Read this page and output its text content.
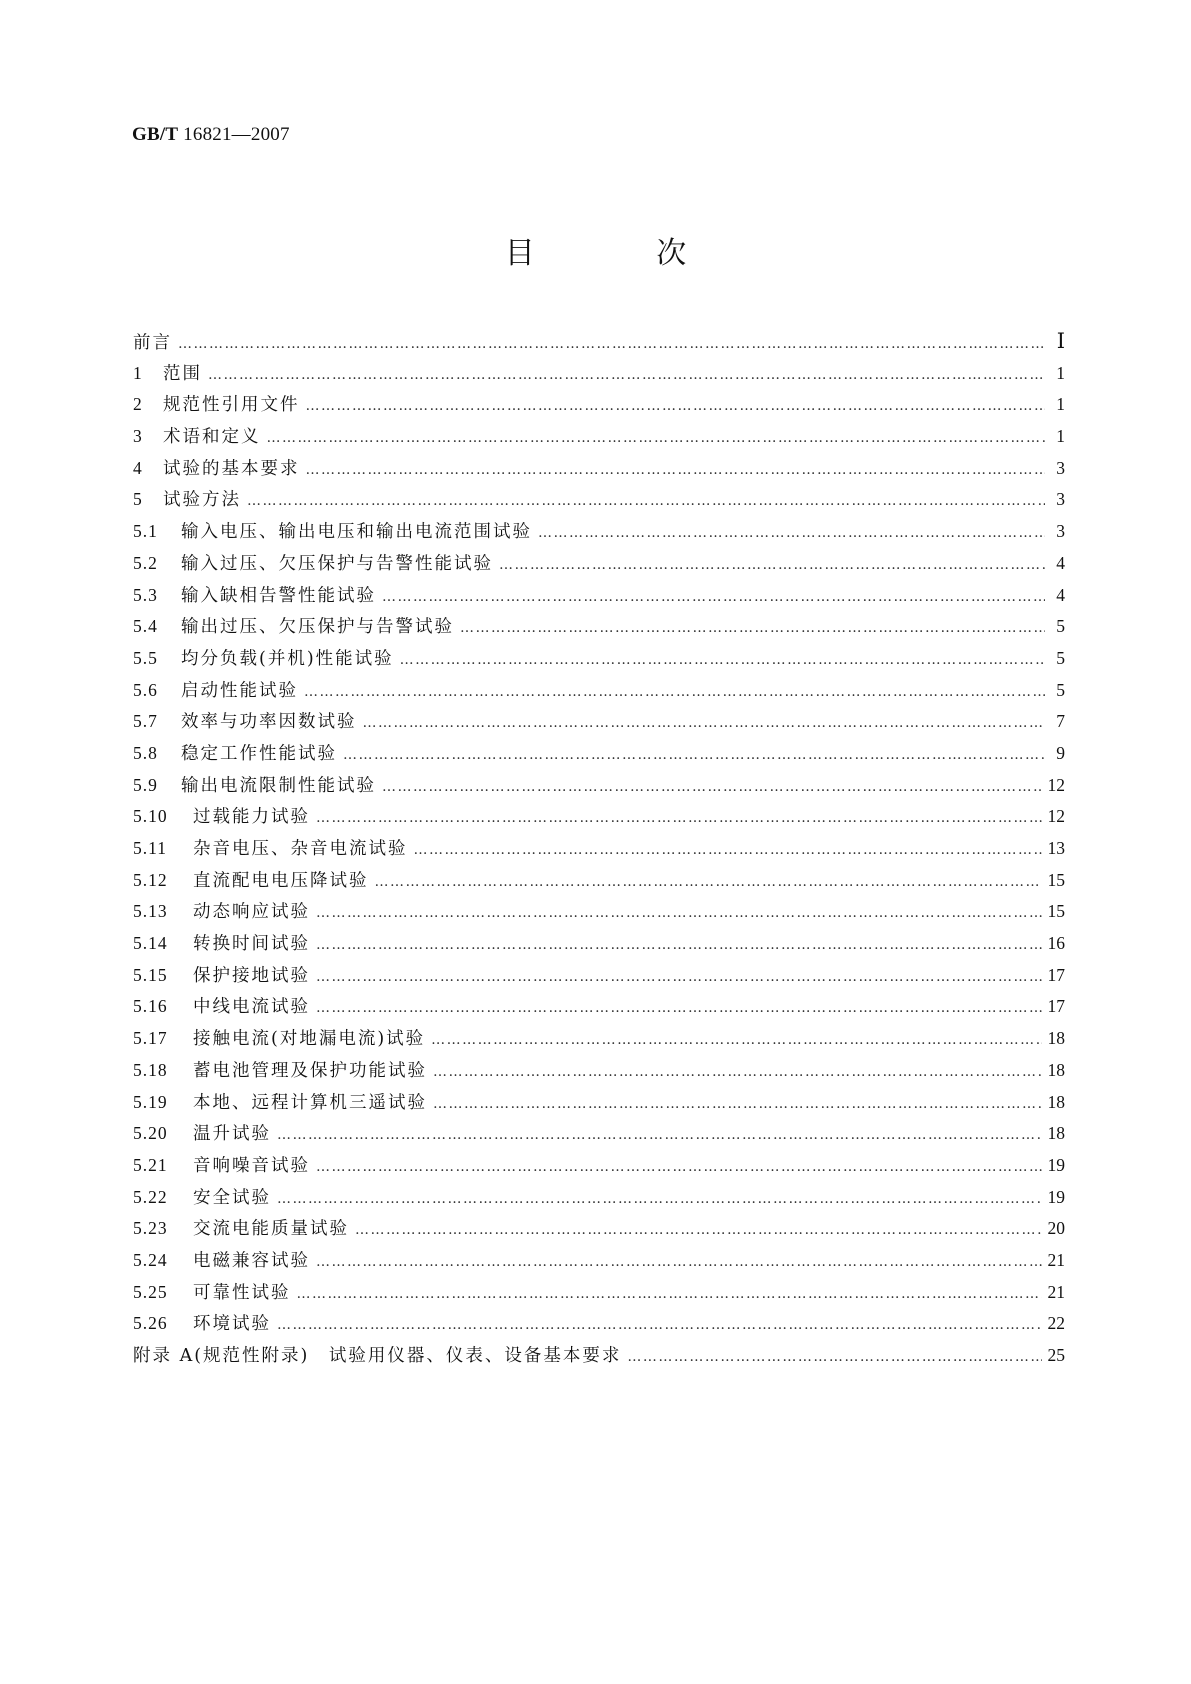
GB/T 16821—2007
目 次
前言 ……………………………………………………………………………………………………………………………………………………………………………………………………………………	Ⅰ
1	范围 ……………………………………………………………………………………………………………………………………………………………………………………………………………………	1
2	规范性引用文件 ……………………………………………………………………………………………………………………………………………………………………………………………………………………	1
3	术语和定义 ……………………………………………………………………………………………………………………………………………………………………………………………………………………	1
4	试验的基本要求 ……………………………………………………………………………………………………………………………………………………………………………………………………………………	3
5	试验方法 ……………………………………………………………………………………………………………………………………………………………………………………………………………………	3
5.1	输入电压、输出电压和输出电流范围试验 ……………………………………………………………………………………………………………………………………………………………………………………………………………………	3
5.2	输入过压、欠压保护与告警性能试验 ……………………………………………………………………………………………………………………………………………………………………………………………………………………	4
5.3	输入缺相告警性能试验 ……………………………………………………………………………………………………………………………………………………………………………………………………………………	4
5.4	输出过压、欠压保护与告警试验 ……………………………………………………………………………………………………………………………………………………………………………………………………………………	5
5.5	均分负载(并机)性能试验 ……………………………………………………………………………………………………………………………………………………………………………………………………………………	5
5.6	启动性能试验 ……………………………………………………………………………………………………………………………………………………………………………………………………………………	5
5.7	效率与功率因数试验 ……………………………………………………………………………………………………………………………………………………………………………………………………………………	7
5.8	稳定工作性能试验 ……………………………………………………………………………………………………………………………………………………………………………………………………………………	9
5.9	输出电流限制性能试验 ……………………………………………………………………………………………………………………………………………………………………………………………………………………	12
5.10	过载能力试验 ……………………………………………………………………………………………………………………………………………………………………………………………………………………	12
5.11	杂音电压、杂音电流试验 ……………………………………………………………………………………………………………………………………………………………………………………………………………………	13
5.12	直流配电电压降试验 ……………………………………………………………………………………………………………………………………………………………………………………………………………………	15
5.13	动态响应试验 ……………………………………………………………………………………………………………………………………………………………………………………………………………………	15
5.14	转换时间试验 ……………………………………………………………………………………………………………………………………………………………………………………………………………………	16
5.15	保护接地试验 ……………………………………………………………………………………………………………………………………………………………………………………………………………………	17
5.16	中线电流试验 ……………………………………………………………………………………………………………………………………………………………………………………………………………………	17
5.17	接触电流(对地漏电流)试验 ……………………………………………………………………………………………………………………………………………………………………………………………………………………	18
5.18	蓄电池管理及保护功能试验 ……………………………………………………………………………………………………………………………………………………………………………………………………………………	18
5.19	本地、远程计算机三遥试验 ……………………………………………………………………………………………………………………………………………………………………………………………………………………	18
5.20	温升试验 ……………………………………………………………………………………………………………………………………………………………………………………………………………………	18
5.21	音响噪音试验 ……………………………………………………………………………………………………………………………………………………………………………………………………………………	19
5.22	安全试验 ……………………………………………………………………………………………………………………………………………………………………………………………………………………	19
5.23	交流电能质量试验 ……………………………………………………………………………………………………………………………………………………………………………………………………………………	20
5.24	电磁兼容试验 ……………………………………………………………………………………………………………………………………………………………………………………………………………………	21
5.25	可靠性试验 ……………………………………………………………………………………………………………………………………………………………………………………………………………………	21
5.26	环境试验 ……………………………………………………………………………………………………………………………………………………………………………………………………………………	22
附录 A(规范性附录)　试验用仪器、仪表、设备基本要求 ……………………………………………………………………………………………………………………………………………………………………………………………………………………	25
